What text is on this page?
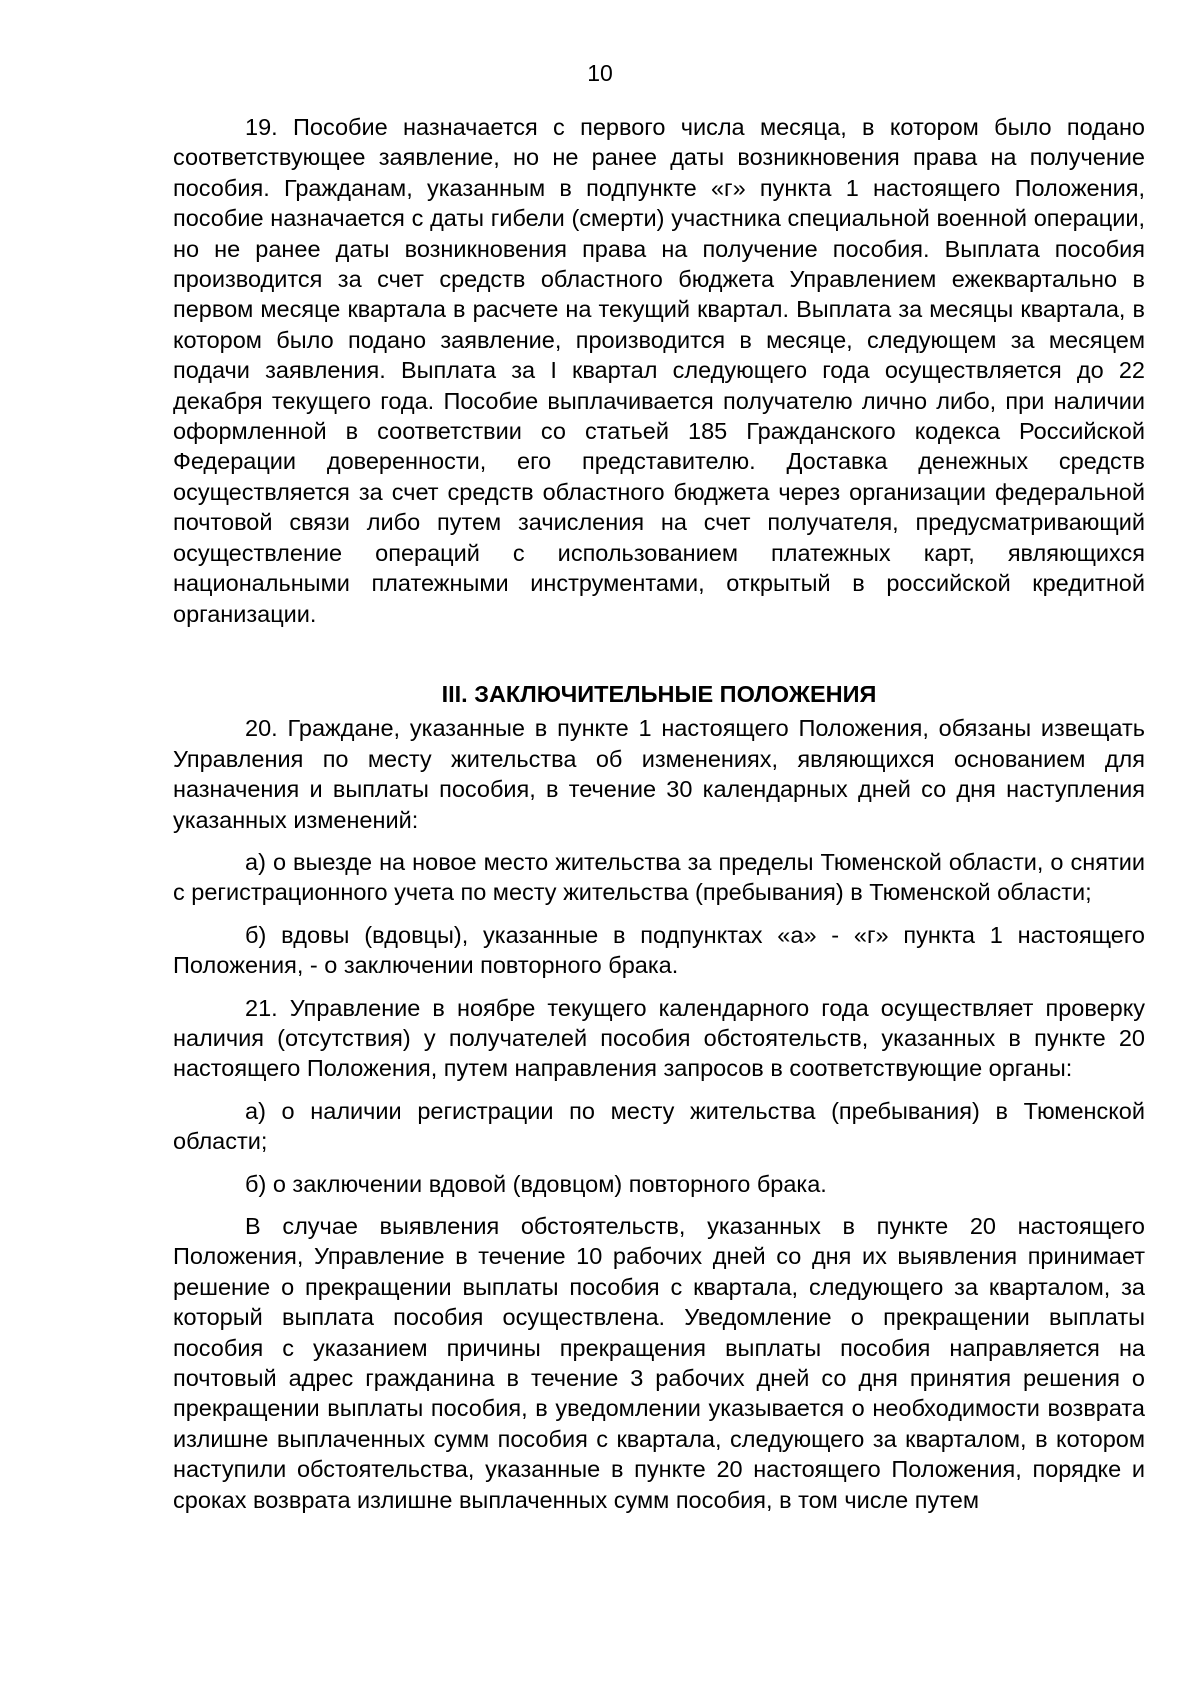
10

19. Пособие назначается с первого числа месяца, в котором было подано соответствующее заявление, но не ранее даты возникновения права на получение пособия. Гражданам, указанным в подпункте «г» пункта 1 настоящего Положения, пособие назначается с даты гибели (смерти) участника специальной военной операции, но не ранее даты возникновения права на получение пособия. Выплата пособия производится за счет средств областного бюджета Управлением ежеквартально в первом месяце квартала в расчете на текущий квартал. Выплата за месяцы квартала, в котором было подано заявление, производится в месяце, следующем за месяцем подачи заявления. Выплата за I квартал следующего года осуществляется до 22 декабря текущего года. Пособие выплачивается получателю лично либо, при наличии оформленной в соответствии со статьей 185 Гражданского кодекса Российской Федерации доверенности, его представителю. Доставка денежных средств осуществляется за счет средств областного бюджета через организации федеральной почтовой связи либо путем зачисления на счет получателя, предусматривающий осуществление операций с использованием платежных карт, являющихся национальными платежными инструментами, открытый в российской кредитной организации.

III. ЗАКЛЮЧИТЕЛЬНЫЕ ПОЛОЖЕНИЯ

20. Граждане, указанные в пункте 1 настоящего Положения, обязаны извещать Управления по месту жительства об изменениях, являющихся основанием для назначения и выплаты пособия, в течение 30 календарных дней со дня наступления указанных изменений:

а) о выезде на новое место жительства за пределы Тюменской области, о снятии с регистрационного учета по месту жительства (пребывания) в Тюменской области;

б) вдовы (вдовцы), указанные в подпунктах «а» - «г» пункта 1 настоящего Положения, - о заключении повторного брака.

21. Управление в ноябре текущего календарного года осуществляет проверку наличия (отсутствия) у получателей пособия обстоятельств, указанных в пункте 20 настоящего Положения, путем направления запросов в соответствующие органы:

а) о наличии регистрации по месту жительства (пребывания) в Тюменской области;

б) о заключении вдовой (вдовцом) повторного брака.

В случае выявления обстоятельств, указанных в пункте 20 настоящего Положения, Управление в течение 10 рабочих дней со дня их выявления принимает решение о прекращении выплаты пособия с квартала, следующего за кварталом, за который выплата пособия осуществлена. Уведомление о прекращении выплаты пособия с указанием причины прекращения выплаты пособия направляется на почтовый адрес гражданина в течение 3 рабочих дней со дня принятия решения о прекращении выплаты пособия, в уведомлении указывается о необходимости возврата излишне выплаченных сумм пособия с квартала, следующего за кварталом, в котором наступили обстоятельства, указанные в пункте 20 настоящего Положения, порядке и сроках возврата излишне выплаченных сумм пособия, в том числе путем
